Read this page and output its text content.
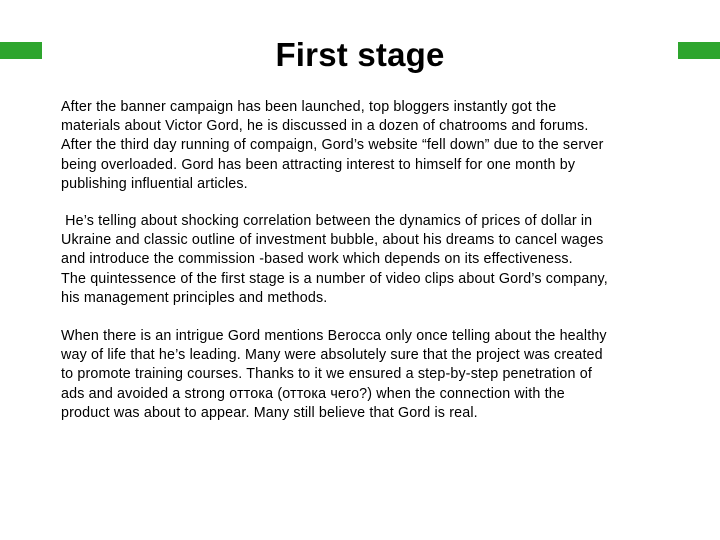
First stage

After the banner campaign has been launched, top bloggers instantly got the
materials about Victor Gord, he is discussed in a dozen of chatrooms and forums.
After the third day running of compaign, Gord’s website “fell down” due to the server
being overloaded. Gord has been attracting interest to himself for one month by
publishing influential articles.

He’s telling about shocking correlation between the dynamics of prices of dollar in
Ukraine and classic outline of investment bubble, about his dreams to cancel wages
and introduce the commission -based work which depends on its effectiveness.
The quintessence of the first stage is a number of video clips about Gord’s company,
his management principles and methods.

When there is an intrigue Gord mentions Berocca only once telling about the healthy
way of life that he’s leading. Many were absolutely sure that the project was created
to promote training courses. Thanks to it we ensured a step-by-step penetration of
ads and avoided a strong оттока (оттока чего?) when the connection with the
product was about to appear. Many still believe that Gord is real.
